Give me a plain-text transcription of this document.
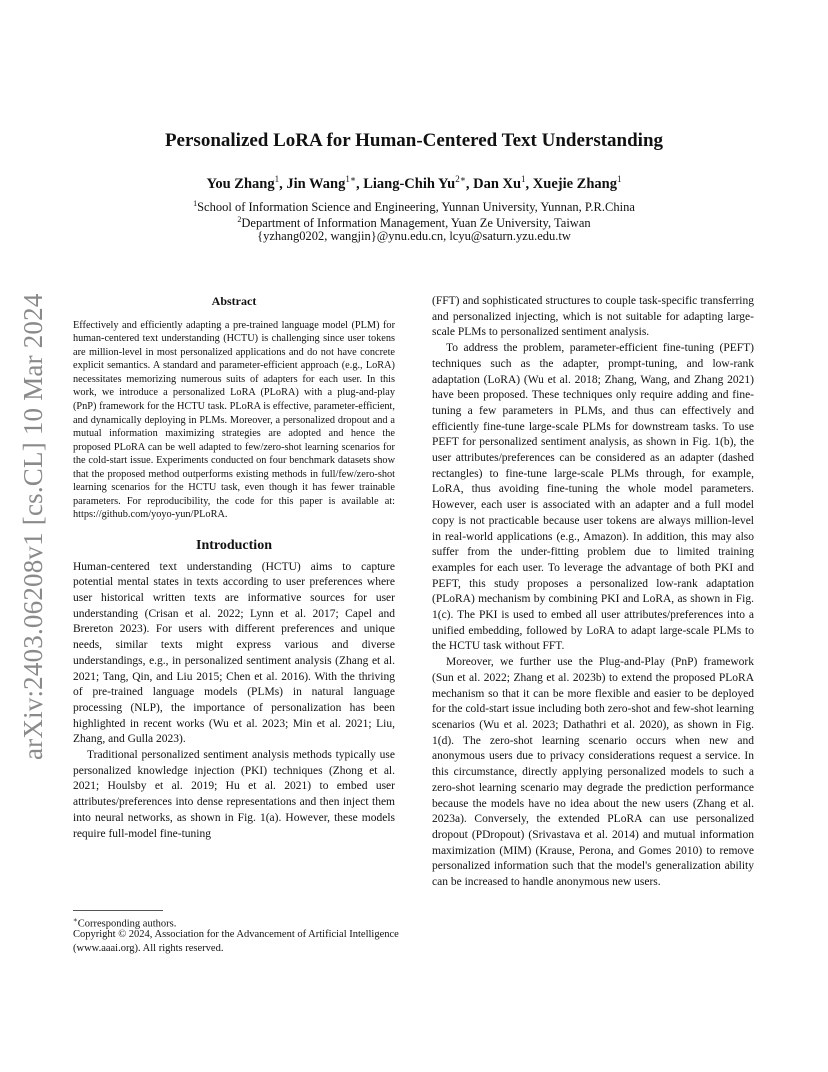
arXiv:2403.06208v1 [cs.CL] 10 Mar 2024
Personalized LoRA for Human-Centered Text Understanding
You Zhang$^1$, Jin Wang$^{1∗}$, Liang-Chih $Yu^{2∗}$, Dan Xu$^1$, Xuejie Zhang$^1$
$^1$School of Information Science and Engineering, Yunnan University, Yunnan, P.R.China
$^2$Department of Information Management, Yuan Ze University, Taiwan
{yzhang0202, wangjin}@ynu.edu.cn, lcyu@saturn.yzu.edu.tw
Abstract

Effectively and efficiently adapting a pre-trained language model (PLM) for human-centered text understanding (HCTU) is challenging since user tokens are million-level in most personalized applications and do not have concrete explicit semantics. A standard and parameter-efficient approach (e.g., LoRA) necessitates memorizing numerous suits of adapters for each user. In this work, we introduce a personalized LoRA (PLoRA) with a plug-and-play (PnP) framework for the HCTU task. PLoRA is effective, parameter-efficient, and dynamically deploying in PLMs. Moreover, a personalized dropout and a mutual information maximizing strategies are adopted and hence the proposed PLoRA can be well adapted to few/zero-shot learning scenarios for the cold-start issue. Experiments conducted on four benchmark datasets show that the proposed method outperforms existing methods in full/few/zero-shot learning scenarios for the HCTU task, even though it has fewer trainable parameters. For reproducibility, the code for this paper is available at: https://github.com/yoyo-yun/PLoRA.

Introduction

Human-centered text understanding (HCTU) aims to capture potential mental states in texts according to user preferences where user historical written texts are informative sources for user understanding (Crisan et al. 2022; Lynn et al. 2017; Capel and Brereton 2023). For users with different preferences and unique needs, similar texts might express various and diverse understandings, e.g., in personalized sentiment analysis (Zhang et al. 2021; Tang, Qin, and Liu 2015; Chen et al. 2016). With the thriving of pre-trained language models (PLMs) in natural language processing (NLP), the importance of personalization has been highlighted in recent works (Wu et al. 2023; Min et al. 2021; Liu, Zhang, and Gulla 2023).

Traditional personalized sentiment analysis methods typically use personalized knowledge injection (PKI) techniques (Zhong et al. 2021; Houlsby et al. 2019; Hu et al. 2021) to embed user attributes/preferences into dense representations and then inject them into neural networks, as shown in Fig. 1(a). However, these models require full-model fine-tuning

∗Corresponding authors.
Copyright © 2024, Association for the Advancement of Artificial Intelligence (www.aaai.org). All rights reserved.

(FFT) and sophisticated structures to couple task-specific transferring and personalized injecting, which is not suitable for adapting large-scale PLMs to personalized sentiment analysis.

To address the problem, parameter-efficient fine-tuning (PEFT) techniques such as the adapter, prompt-tuning, and low-rank adaptation (LoRA) (Wu et al. 2018; Zhang, Wang, and Zhang 2021) have been proposed. These techniques only require adding and fine-tuning a few parameters in PLMs, and thus can effectively and efficiently fine-tune large-scale PLMs for downstream tasks. To use PEFT for personalized sentiment analysis, as shown in Fig. 1(b), the user attributes/preferences can be considered as an adapter (dashed rectangles) to fine-tune large-scale PLMs through, for example, LoRA, thus avoiding fine-tuning the whole model parameters. However, each user is associated with an adapter and a full model copy is not practicable because user tokens are always million-level in real-world applications (e.g., Amazon). In addition, this may also suffer from the under-fitting problem due to limited training examples for each user. To leverage the advantage of both PKI and PEFT, this study proposes a personalized low-rank adaptation (PLoRA) mechanism by combining PKI and LoRA, as shown in Fig. 1(c). The PKI is used to embed all user attributes/preferences into a unified embedding, followed by LoRA to adapt large-scale PLMs to the HCTU task without FFT.

Moreover, we further use the Plug-and-Play (PnP) framework (Sun et al. 2022; Zhang et al. 2023b) to extend the proposed PLoRA mechanism so that it can be more flexible and easier to be deployed for the cold-start issue including both zero-shot and few-shot learning scenarios (Wu et al. 2023; Dathathri et al. 2020), as shown in Fig. 1(d). The zero-shot learning scenario occurs when new and anonymous users due to privacy considerations request a service. In this circumstance, directly applying personalized models to such a zero-shot learning scenario may degrade the prediction performance because the models have no idea about the new users (Zhang et al. 2023a). Conversely, the extended PLoRA can use personalized dropout (PDropout) (Srivastava et al. 2014) and mutual information maximization (MIM) (Krause, Perona, and Gomes 2010) to remove personalized information such that the model's generalization ability can be increased to handle anonymous new users.
